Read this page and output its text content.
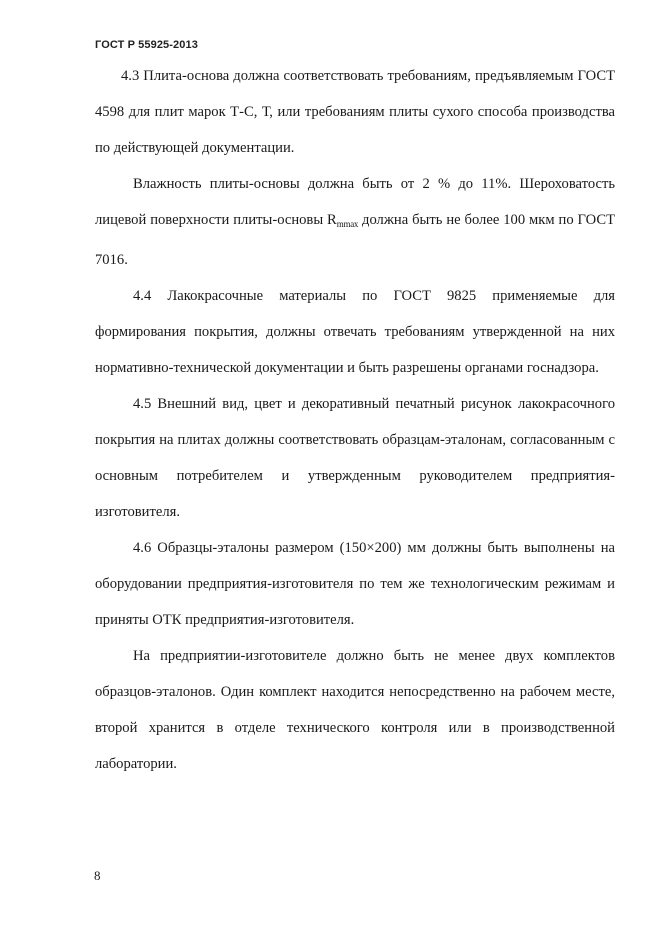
ГОСТ Р 55925-2013

4.3 Плита-основа должна соответствовать требованиям, предъявляемым ГОСТ 4598 для плит марок Т-С, Т, или требованиям плиты сухого способа производства по действующей документации.

Влажность плиты-основы должна быть от 2 % до 11%. Шероховатость лицевой поверхности плиты-основы $R_{mmax}$ должна быть не более 100 мкм по ГОСТ 7016.

4.4 Лакокрасочные материалы по ГОСТ 9825 применяемые для формирования покрытия, должны отвечать требованиям утвержденной на них нормативно-технической документации и быть разрешены органами госнадзора.

4.5 Внешний вид, цвет и декоративный печатный рисунок лакокрасочного покрытия на плитах должны соответствовать образцам-эталонам, согласованным с основным потребителем и утвержденным руководителем предприятия-изготовителя.

4.6 Образцы-эталоны размером (150×200) мм должны быть выполнены на оборудовании предприятия-изготовителя по тем же технологическим режимам и приняты ОТК предприятия-изготовителя.

На предприятии-изготовителе должно быть не менее двух комплектов образцов-эталонов. Один комплект находится непосредственно на рабочем месте, второй хранится в отделе технического контроля или в производственной лаборатории.

8
